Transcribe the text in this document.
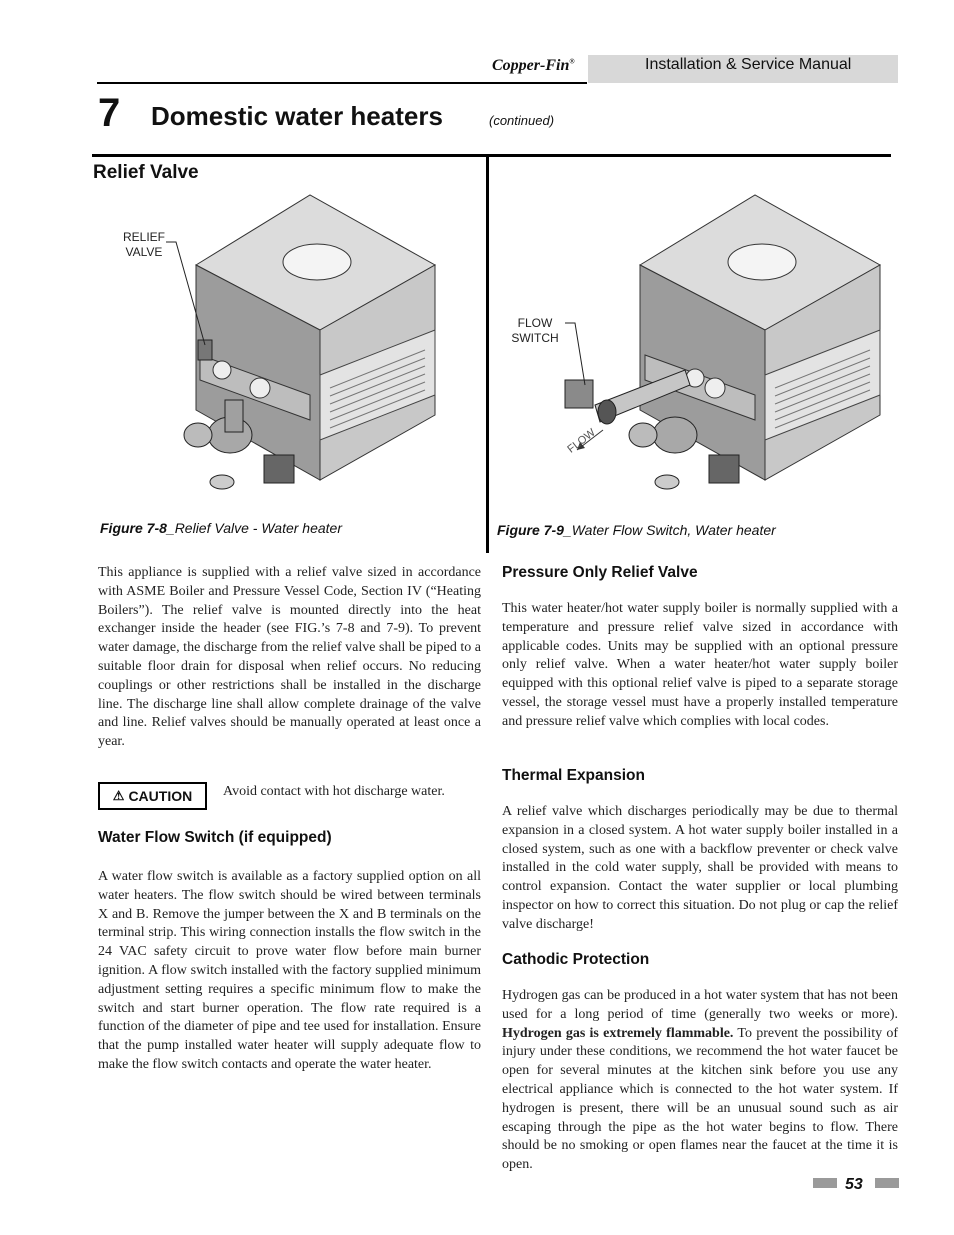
Copper-Fin®	Installation & Service Manual
7 Domestic water heaters	(continued)
Relief Valve
RELIEF
VALVE
Figure 7-8_Relief Valve - Water heater
FLOW
SWITCH
FLOW
Figure 7-9_Water Flow Switch, Water heater
This appliance is supplied with a relief valve sized in accordance with ASME Boiler and Pressure Vessel Code, Section IV (“Heating Boilers”). The relief valve is mounted directly into the heat exchanger inside the header (see FIG.’s 7-8 and 7-9). To prevent water damage, the discharge from the relief valve shall be piped to a suitable floor drain for disposal when relief occurs. No reducing couplings or other restrictions shall be installed in the discharge line. The discharge line shall allow complete drainage of the valve and line. Relief valves should be manually operated at least once a year.
⚠ CAUTION Avoid contact with hot discharge water.
Water Flow Switch (if equipped)
A water flow switch is available as a factory supplied option on all water heaters. The flow switch should be wired between terminals X and B. Remove the jumper between the X and B terminals on the terminal strip. This wiring connection installs the flow switch in the 24 VAC safety circuit to prove water flow before main burner ignition. A flow switch installed with the factory supplied minimum adjustment setting requires a specific minimum flow to make the switch and start burner operation. The flow rate required is a function of the diameter of pipe and tee used for installation. Ensure that the pump installed water heater will supply adequate flow to make the flow switch contacts and operate the water heater.
Pressure Only Relief Valve
This water heater/hot water supply boiler is normally supplied with a temperature and pressure relief valve sized in accordance with applicable codes. Units may be supplied with an optional pressure only relief valve. When a water heater/hot water supply boiler equipped with this optional relief valve is piped to a separate storage vessel, the storage vessel must have a properly installed temperature and pressure relief valve which complies with local codes.
Thermal Expansion
A relief valve which discharges periodically may be due to thermal expansion in a closed system. A hot water supply boiler installed in a closed system, such as one with a backflow preventer or check valve installed in the cold water supply, shall be provided with means to control expansion. Contact the water supplier or local plumbing inspector on how to correct this situation. Do not plug or cap the relief valve discharge!
Cathodic Protection
Hydrogen gas can be produced in a hot water system that has not been used for a long period of time (generally two weeks or more). Hydrogen gas is extremely flammable. To prevent the possibility of injury under these conditions, we recommend the hot water faucet be open for several minutes at the kitchen sink before you use any electrical appliance which is connected to the hot water system. If hydrogen is present, there will be an unusual sound such as air escaping through the pipe as the hot water begins to flow. There should be no smoking or open flames near the faucet at the time it is open.
53
